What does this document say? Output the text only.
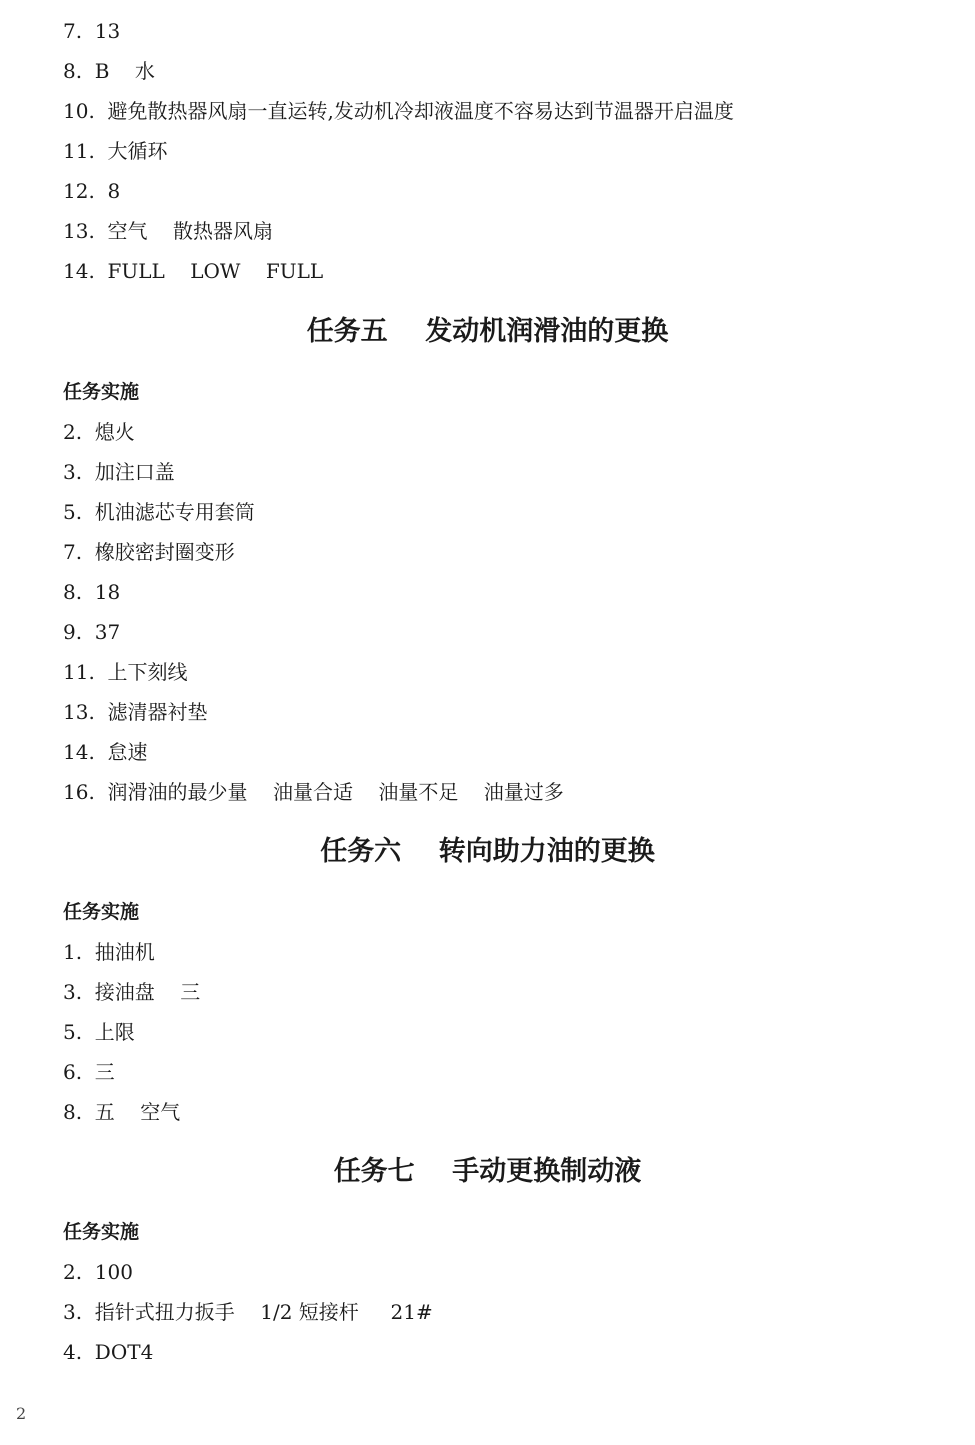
7.  13
8.  B    水
10.  避免散热器风扇一直运转,发动机冷却液温度不容易达到节温器开启温度
11.  大循环
12.  8
13.  空气    散热器风扇
14.  FULL    LOW    FULL
任务五    发动机润滑油的更换
任务实施
2.  熄火
3.  加注口盖
5.  机油滤芯专用套筒
7.  橡胶密封圈变形
8.  18
9.  37
11.  上下刻线
13.  滤清器衬垫
14.  怠速
16.  润滑油的最少量    油量合适    油量不足    油量过多
任务六    转向助力油的更换
任务实施
1.  抽油机
3.  接油盘    三
5.  上限
6.  三
8.  五    空气
任务七    手动更换制动液
任务实施
2.  100
3.  指针式扭力扳手    1/2 短接杆     21#
4.  DOT4
2
